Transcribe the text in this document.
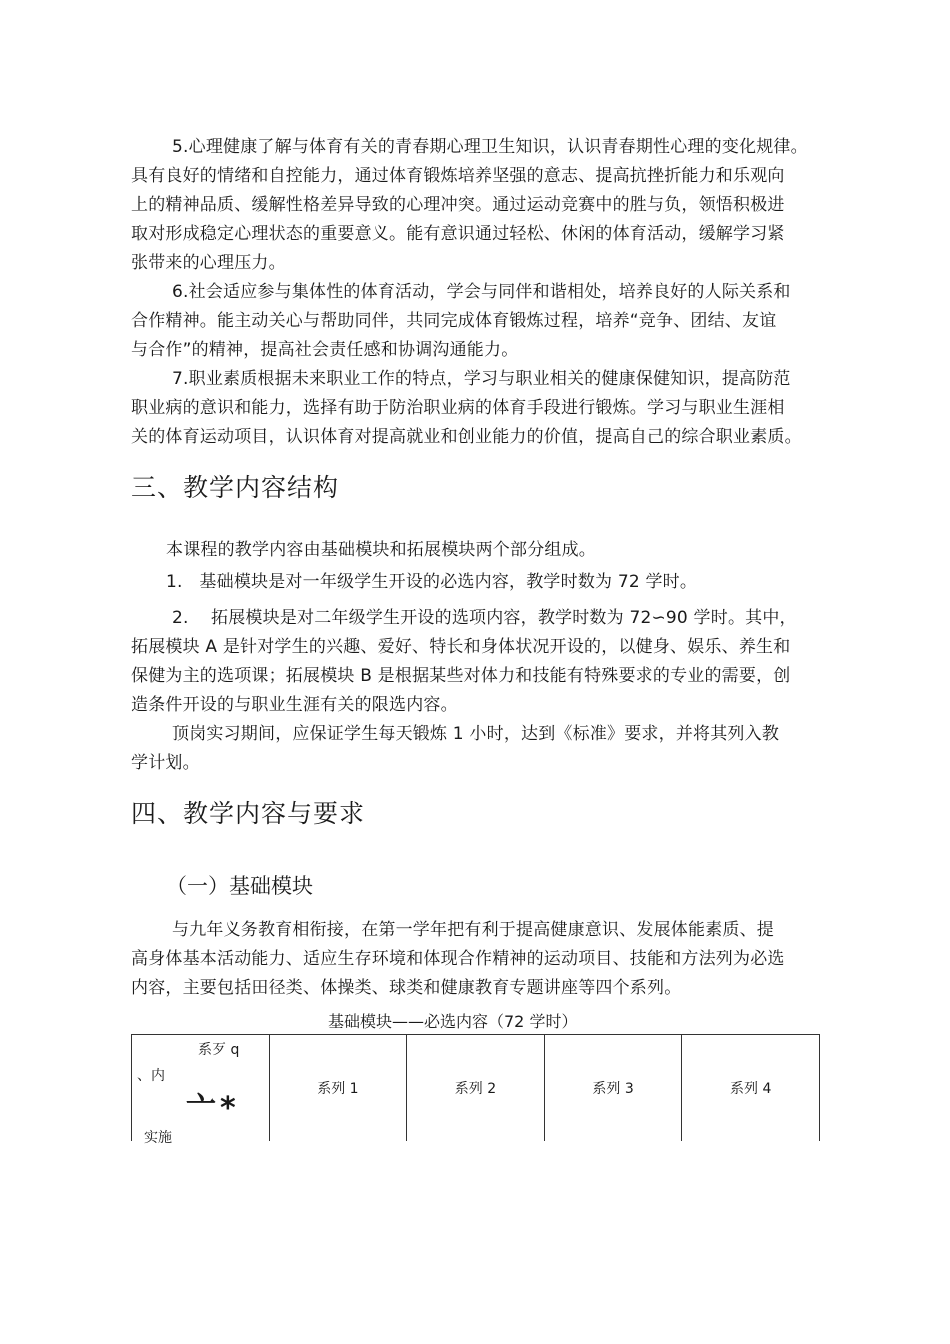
5.心理健康了解与体育有关的青春期心理卫生知识，认识青春期性心理的变化规律。
具有良好的情绪和自控能力，通过体育锻炼培养坚强的意志、提高抗挫折能力和乐观向
上的精神品质、缓解性格差异导致的心理冲突。通过运动竞赛中的胜与负，领悟积极进
取对形成稳定心理状态的重要意义。能有意识通过轻松、休闲的体育活动，缓解学习紧
张带来的心理压力。
6.社会适应参与集体性的体育活动，学会与同伴和谐相处，培养良好的人际关系和
合作精神。能主动关心与帮助同伴，共同完成体育锻炼过程，培养“竞争、团结、友谊
与合作”的精神，提高社会责任感和协调沟通能力。
7.职业素质根据未来职业工作的特点，学习与职业相关的健康保健知识，提高防范
职业病的意识和能力，选择有助于防治职业病的体育手段进行锻炼。学习与职业生涯相
关的体育运动项目，认识体育对提高就业和创业能力的价值，提高自己的综合职业素质。
三、教学内容结构
本课程的教学内容由基础模块和拓展模块两个部分组成。
1.   基础模块是对一年级学生开设的必选内容，教学时数为 72 学时。
2.    拓展模块是对二年级学生开设的选项内容，教学时数为 72∽90 学时。其中，
拓展模块 A 是针对学生的兴趣、爱好、特长和身体状况开设的，以健身、娱乐、养生和
保健为主的选项课；拓展模块 B 是根据某些对体力和技能有特殊要求的专业的需要，创
造条件开设的与职业生涯有关的限选内容。
顶岗实习期间，应保证学生每天锻炼 1 小时，达到《标准》要求，并将其列入教
学计划。
四、教学内容与要求
（一）基础模块
与九年义务教育相衔接，在第一学年把有利于提高健康意识、发展体能素质、提
高身体基本活动能力、适应生存环境和体现合作精神的运动项目、技能和方法列为必选
内容，主要包括田径类、体操类、球类和健康教育专题讲座等四个系列。
基础模块——必选内容（72 学时）
系歹 q
、内
亠*
实施
	系列 1	系列 2	系列 3	系列 4
